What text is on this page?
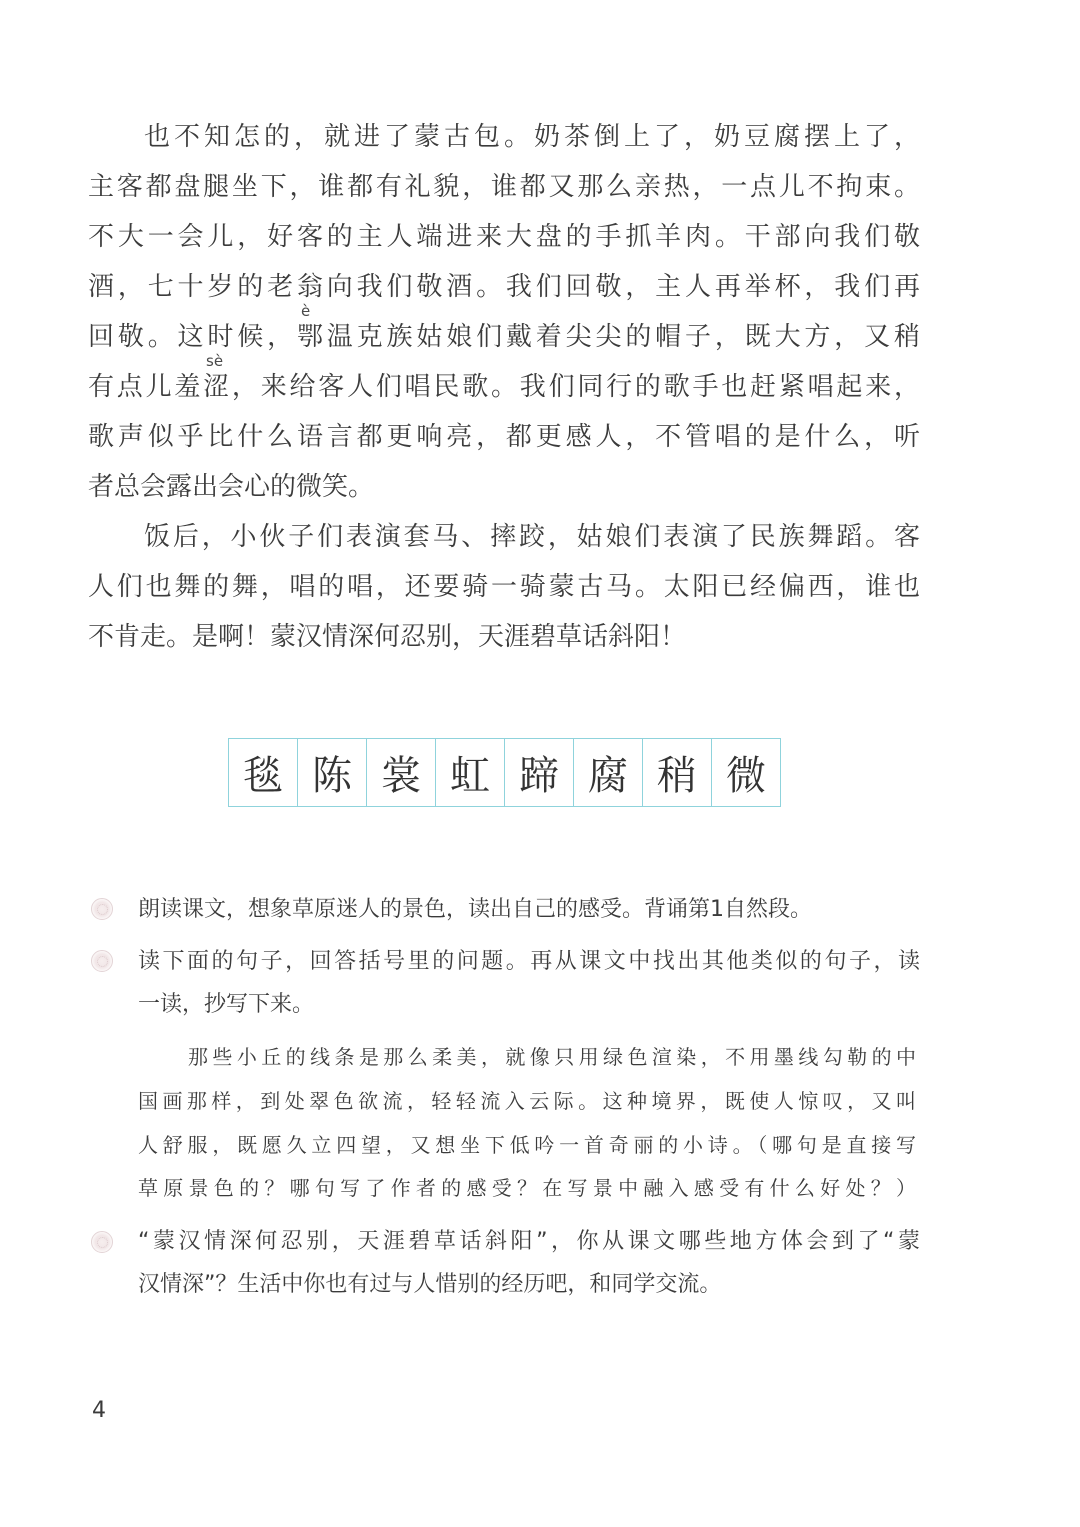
也不知怎的，就进了蒙古包。奶茶倒上了，奶豆腐摆上了，
主客都盘腿坐下，谁都有礼貌，谁都又那么亲热，一点儿不拘束。
不大一会儿，好客的主人端进来大盘的手抓羊肉。干部向我们敬
酒，七十岁的老翁向我们敬酒。我们回敬，主人再举杯，我们再
è
回敬。这时候，鄂温克族姑娘们戴着尖尖的帽子，既大方，又稍
sè
有点儿羞涩，来给客人们唱民歌。我们同行的歌手也赶紧唱起来，
歌声似乎比什么语言都更响亮，都更感人，不管唱的是什么，听
者总会露出会心的微笑。
饭后，小伙子们表演套马、摔跤，姑娘们表演了民族舞蹈。客
人们也舞的舞，唱的唱，还要骑一骑蒙古马。太阳已经偏西，谁也
不肯走。是啊！蒙汉情深何忍别，天涯碧草话斜阳！
毯 陈 裳 虹 蹄 腐 稍 微
朗读课文，想象草原迷人的景色，读出自己的感受。背诵第1自然段。
读下面的句子，回答括号里的问题。再从课文中找出其他类似的句子，读
一读，抄写下来。
那些小丘的线条是那么柔美，就像只用绿色渲染，不用墨线勾勒的中
国画那样，到处翠色欲流，轻轻流入云际。这种境界，既使人惊叹，又叫
人舒服，既愿久立四望，又想坐下低吟一首奇丽的小诗。（哪句是直接写
草原景色的？哪句写了作者的感受？在写景中融入感受有什么好处？）
“蒙汉情深何忍别，天涯碧草话斜阳”，你从课文哪些地方体会到了“蒙
汉情深”？生活中你也有过与人惜别的经历吧，和同学交流。
4
